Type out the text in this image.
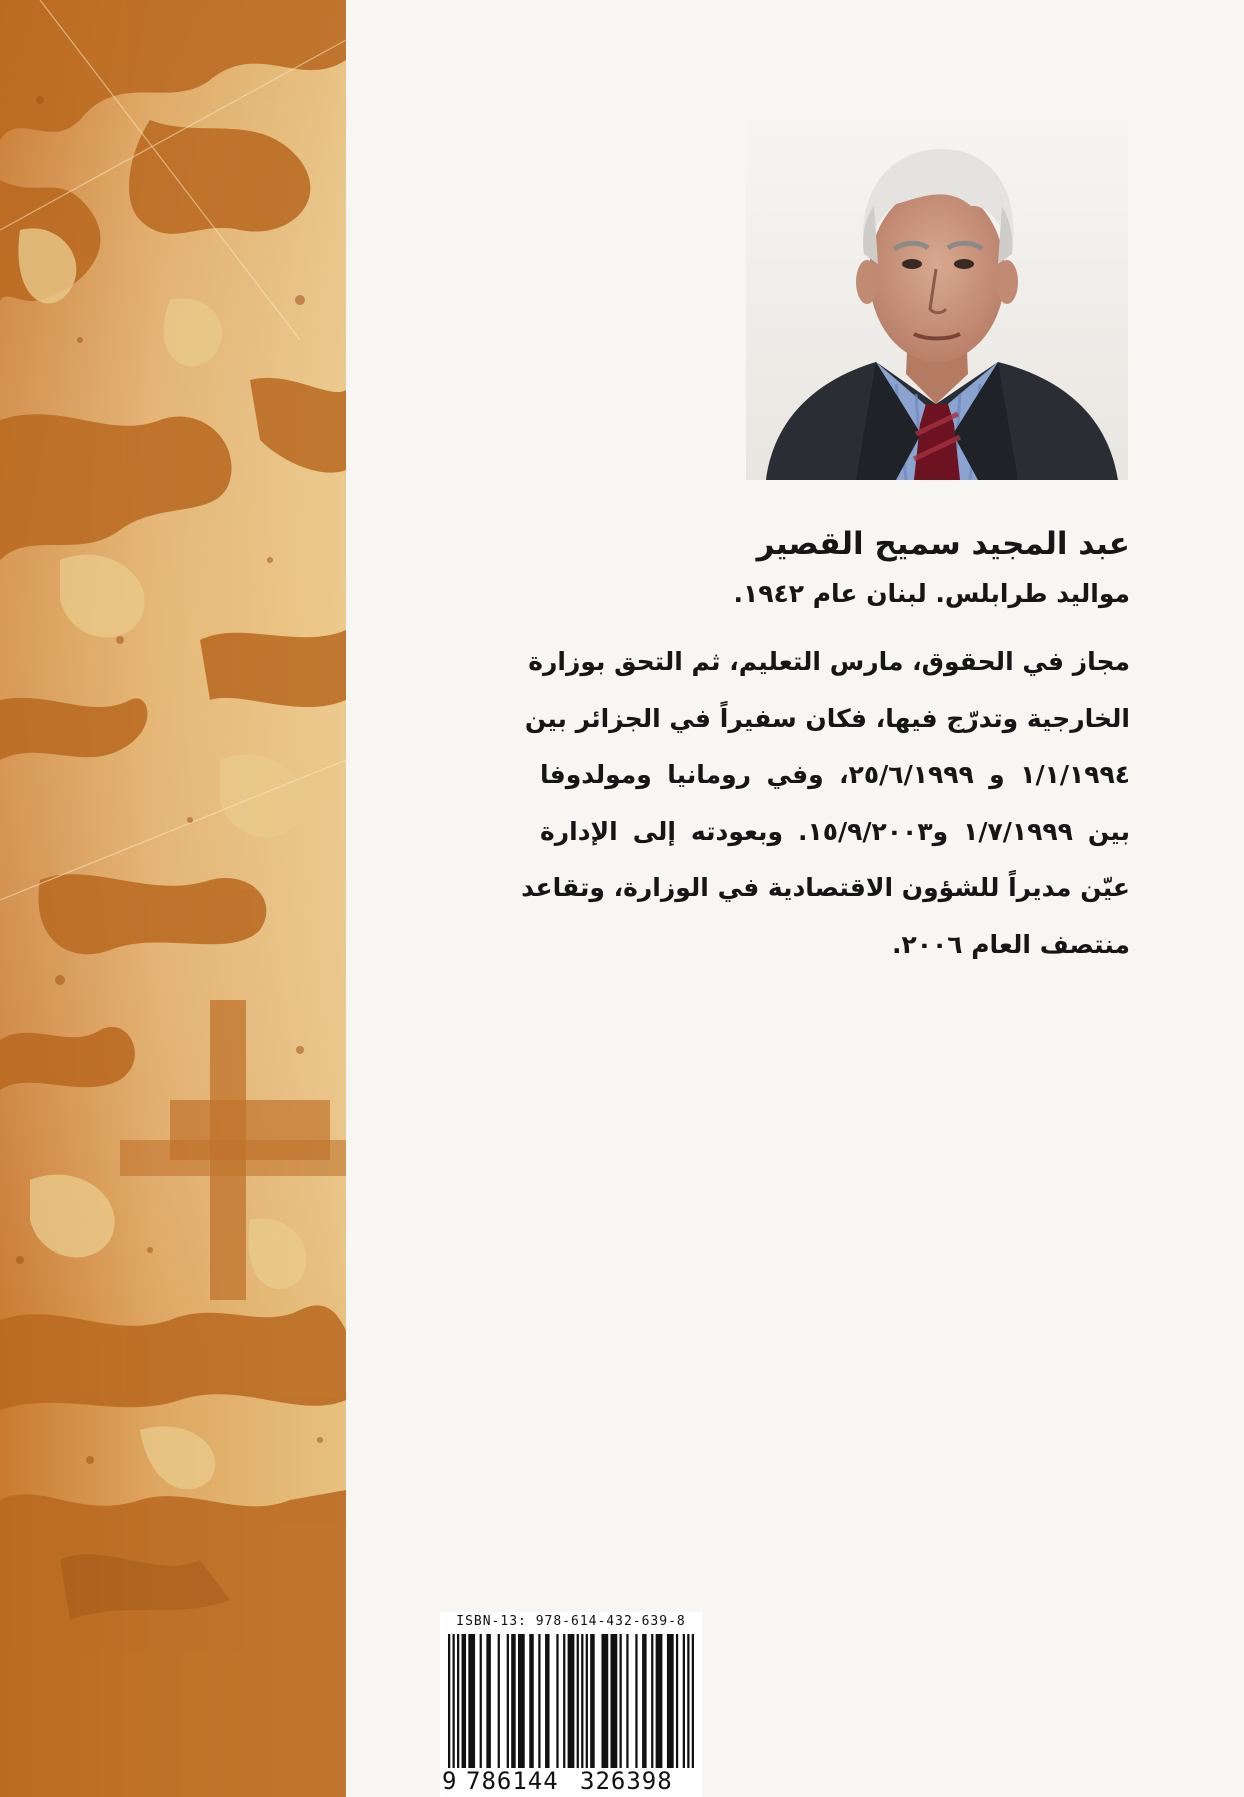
عبد المجيد سميح القصير
مواليد طرابلس. لبنان عام ١٩٤٢.
مجاز في الحقوق، مارس التعليم، ثم التحق بوزارة
الخارجية وتدرّج فيها، فكان سفيراً في الجزائر بين
١/١/١٩٩٤ و ٢٥/٦/١٩٩٩، وفي رومانيا ومولدوفا
بين ١/٧/١٩٩٩ و١٥/٩/٢٠٠٣. وبعودته إلى الإدارة
عيّن مديراً للشؤون الاقتصادية في الوزارة، وتقاعد
منتصف العام ٢٠٠٦.
ISBN-13: 978-614-432-639-8
9 786144 326398
